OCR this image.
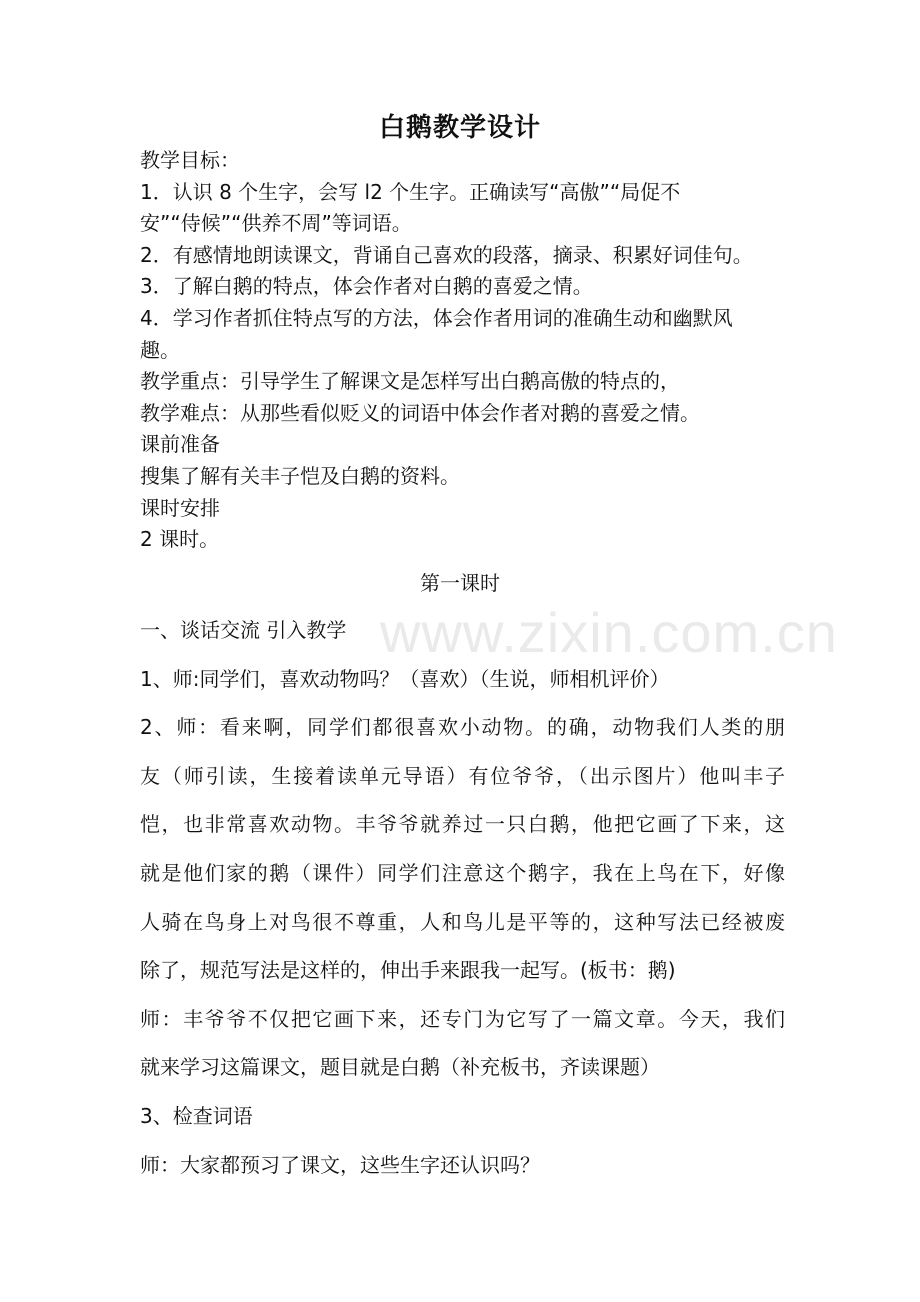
白鹅教学设计
教学目标：
1．认识 8 个生字，会写 l2 个生字。正确读写“高傲”“局促不
安”“侍候”“供养不周”等词语。
2．有感情地朗读课文，背诵自己喜欢的段落，摘录、积累好词佳句。
3．了解白鹅的特点，体会作者对白鹅的喜爱之情。
4．学习作者抓住特点写的方法，体会作者用词的准确生动和幽默风
趣。
教学重点：引导学生了解课文是怎样写出白鹅高傲的特点的，
教学难点：从那些看似贬义的词语中体会作者对鹅的喜爱之情。
课前准备
搜集了解有关丰子恺及白鹅的资料。
课时安排
2 课时。
第一课时
一、谈话交流 引入教学
1、师:同学们，喜欢动物吗？（喜欢）（生说，师相机评价）
2、师：看来啊，同学们都很喜欢小动物。的确，动物我们人类的朋
友（师引读，生接着读单元导语）有位爷爷，（出示图片）他叫丰子
恺，也非常喜欢动物。丰爷爷就养过一只白鹅，他把它画了下来，这
就是他们家的鹅（课件）同学们注意这个鹅字，我在上鸟在下，好像
人骑在鸟身上对鸟很不尊重，人和鸟儿是平等的，这种写法已经被废
除了，规范写法是这样的，伸出手来跟我一起写。(板书：鹅)
师：丰爷爷不仅把它画下来，还专门为它写了一篇文章。今天，我们
就来学习这篇课文，题目就是白鹅（补充板书，齐读课题）
3、检查词语
师：大家都预习了课文，这些生字还认识吗？
www.zixin.com.cn
